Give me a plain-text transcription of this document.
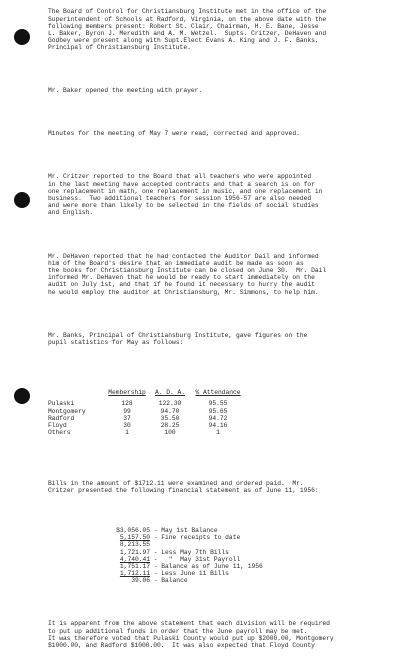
The Board of Control for Christiansburg Institute met in the office of the
Superintendent of Schools at Radford, Virginia, on the above date with the
following members present: Robert St. Clair, Chairman, H. E. Bane, Jesse
L. Baker, Byron J. Meredith and A. M. Wetzel.  Supts. Critzer, DeHaven and
Godbey were present along with Supt.Elect Evans A. King and J. F. Banks,
Principal of Christiansburg Institute.

Mr. Baker opened the meeting with prayer.

Minutes for the meeting of May 7 were read, corrected and approved.

Mr. Critzer reported to the Board that all teachers who were appointed
in the last meeting have accepted contracts and that a search is on for
one replacement in math, one replacement in music, and one replacement in
business.  Two additional teachers for session 1956-57 are also needed
and were more than likely to be selected in the fields of social studies
and English.

Mr. DeHaven reported that he had contacted the Auditor Dail and informed
him of the Board's desire that an immediate audit be made as soon as
the books for Christiansburg Institute can be closed on June 30.  Mr. Dail
informed Mr. DeHaven that he would be ready to start immediately on the
audit on July 1st, and that if he found it necessary to hurry the audit
he would employ the auditor at Christiansburg, Mr. Simmons, to help him.

Mr. Banks, Principal of Christiansburg Institute, gave figures on the
pupil statistics for May as follows:

	Membership	A. D. A.	% Attendance

Pulaski	128	122.30	95.55
Montgomery	99	94.70	95.65
Radford	37	35.50	94.72
Floyd	30	28.25	94.16
Others	1	100	1

Bills in the amount of $1712.11 were examined and ordered paid.  Mr.
Critzer presented the following financial statement as of June 11, 1956:

$3,056.05 - May 1st Balance
5,157.50 - Fine receipts to date
8,213.55
1,721.97 - Less May 7th Bills
4,740.41 -   "  May 31st Payroll
1,751.17 - Balance as of June 11, 1956
1,712.11 - Less June 11 Bills
39.06 - Balance

It is apparent from the above statement that each division will be required
to put up additional funds in order that the June payroll may be met.
It was therefore voted that Pulaski County would put up $2000.00, Montgomery
$1000.00, and Radford $1000.00.  It was also expected that Floyd County
